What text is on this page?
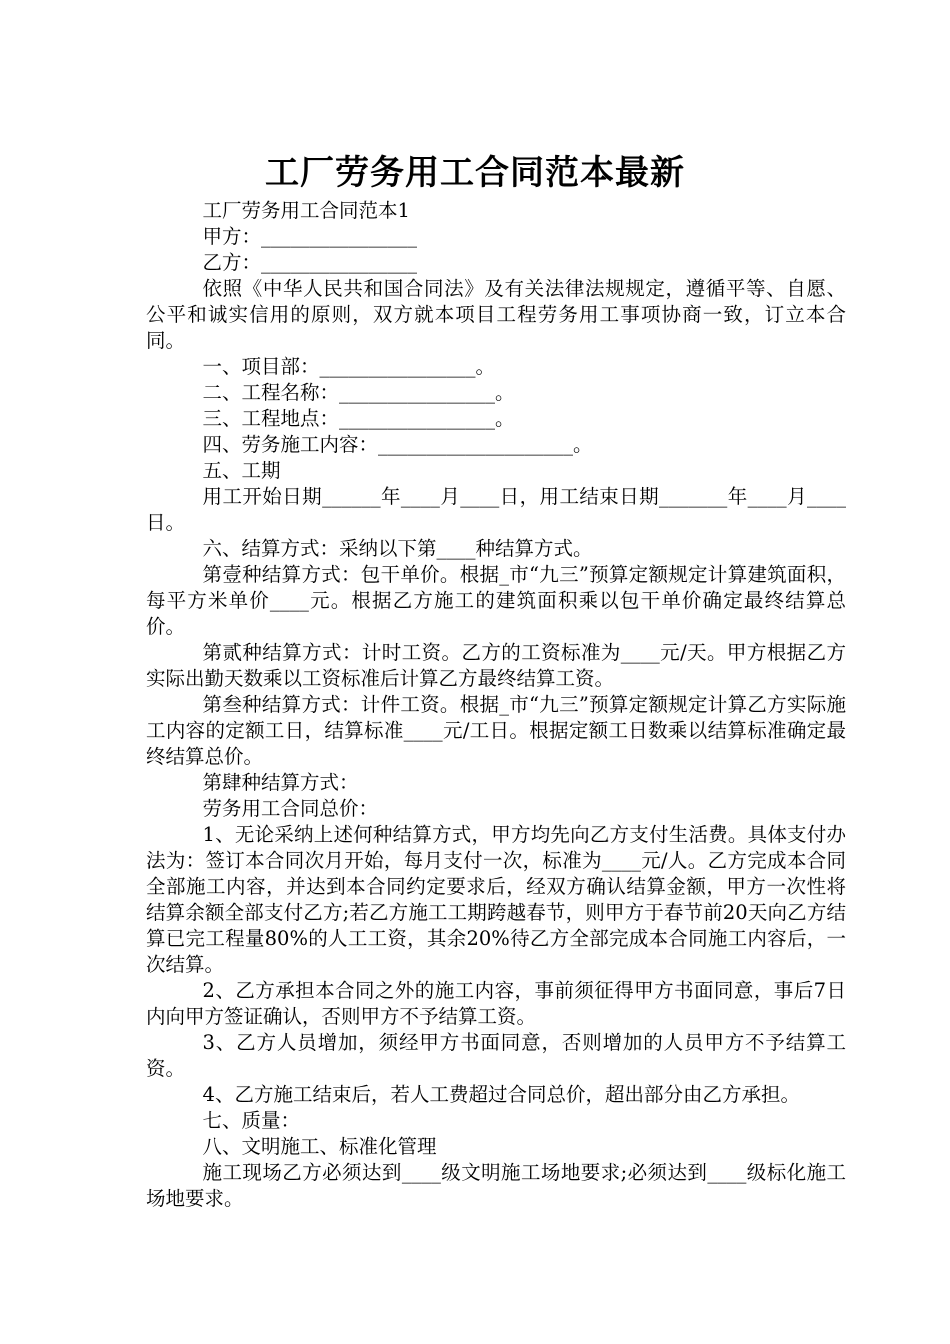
工厂劳务用工合同范本最新

工厂劳务用工合同范本1

甲方：________________

乙方：________________

依照《中华人民共和国合同法》及有关法律法规规定，遵循平等、自愿、公平和诚实信用的原则，双方就本项目工程劳务用工事项协商一致，订立本合同。

一、项目部：________________。

二、工程名称：________________。

三、工程地点：________________。

四、劳务施工内容：____________________。

五、工期

用工开始日期______年____月____日，用工结束日期_______年____月____日。

六、结算方式：采纳以下第____种结算方式。

第壹种结算方式：包干单价。根据_市“九三”预算定额规定计算建筑面积，每平方米单价____元。根据乙方施工的建筑面积乘以包干单价确定最终结算总价。

第贰种结算方式：计时工资。乙方的工资标准为____元/天。甲方根据乙方实际出勤天数乘以工资标准后计算乙方最终结算工资。

第叁种结算方式：计件工资。根据_市“九三”预算定额规定计算乙方实际施工内容的定额工日，结算标准____元/工日。根据定额工日数乘以结算标准确定最终结算总价。

第肆种结算方式：

劳务用工合同总价：

1、无论采纳上述何种结算方式，甲方均先向乙方支付生活费。具体支付办法为：签订本合同次月开始，每月支付一次，标准为____元/人。乙方完成本合同全部施工内容，并达到本合同约定要求后，经双方确认结算金额，甲方一次性将结算余额全部支付乙方;若乙方施工工期跨越春节，则甲方于春节前20天向乙方结算已完工程量80%的人工工资，其余20%待乙方全部完成本合同施工内容后，一次结算。

2、乙方承担本合同之外的施工内容，事前须征得甲方书面同意，事后7日内向甲方签证确认，否则甲方不予结算工资。

3、乙方人员增加，须经甲方书面同意，否则增加的人员甲方不予结算工资。

4、乙方施工结束后，若人工费超过合同总价，超出部分由乙方承担。

七、质量：

八、文明施工、标准化管理

施工现场乙方必须达到____级文明施工场地要求;必须达到____级标化施工场地要求。
